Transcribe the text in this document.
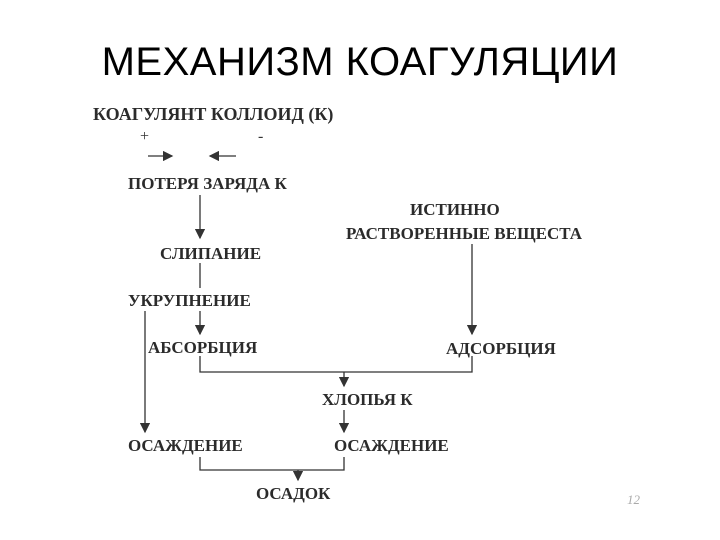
МЕХАНИЗМ КОАГУЛЯЦИИ
КОАГУЛЯНТ КОЛЛОИД (К)
+	-
ПОТЕРЯ ЗАРЯДА К
ИСТИННО
РАСТВОРЕННЫЕ ВЕЩЕСТА
СЛИПАНИЕ
УКРУПНЕНИЕ
АБСОРБЦИЯ	АДСОРБЦИЯ
ХЛОПЬЯ К
ОСАЖДЕНИЕ	ОСАЖДЕНИЕ
ОСАДОК	12
